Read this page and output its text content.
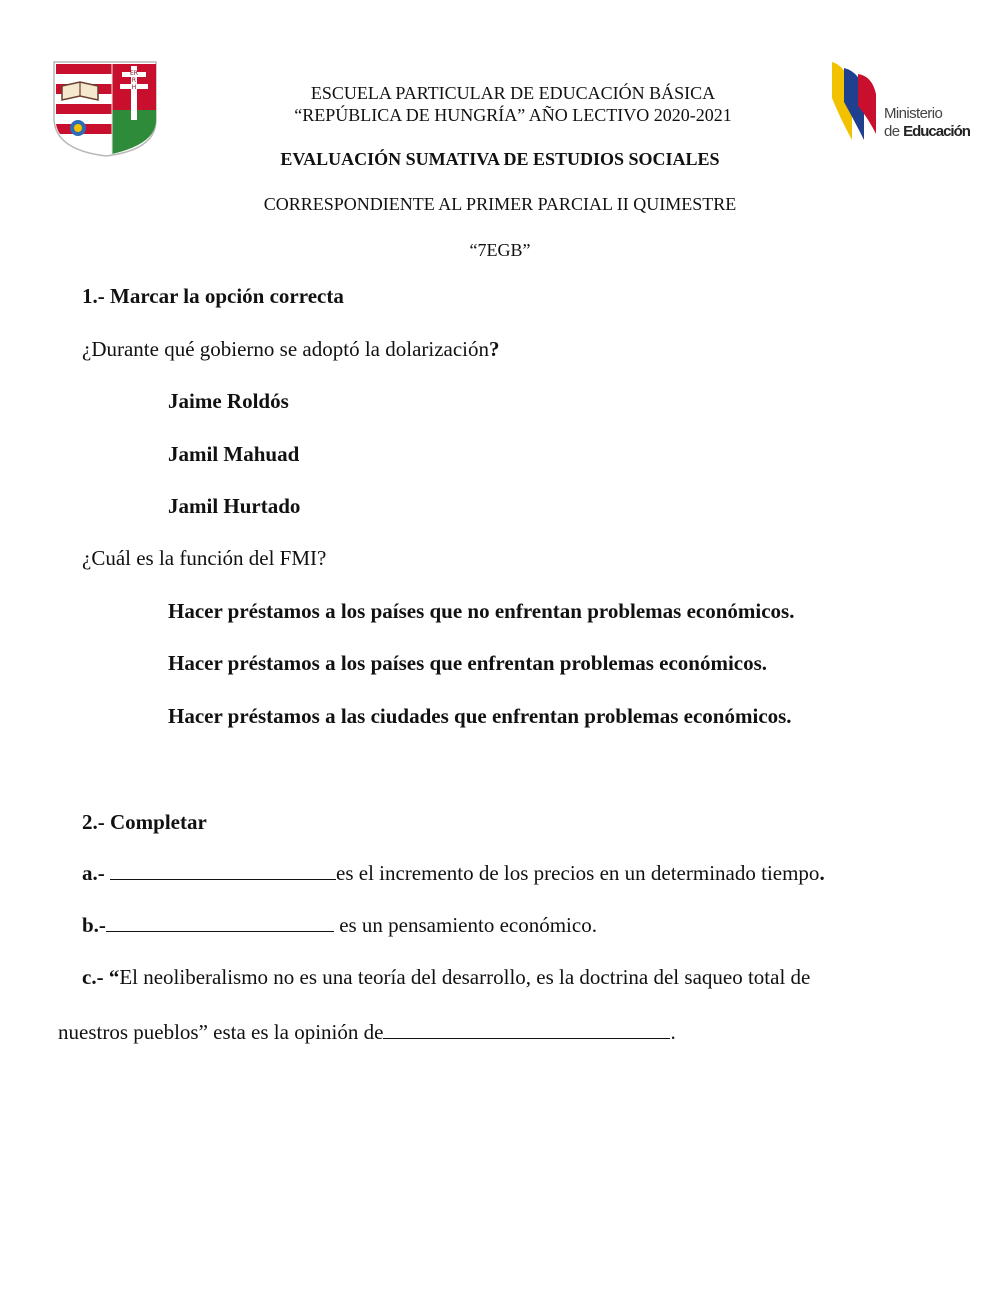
ERRH
Ministerio
de Educación
ESCUELA PARTICULAR DE EDUCACIÓN BÁSICA
“REPÚBLICA DE HUNGRÍA” AÑO LECTIVO 2020-2021
EVALUACIÓN SUMATIVA DE ESTUDIOS SOCIALES
CORRESPONDIENTE AL PRIMER PARCIAL II QUIMESTRE
“7EGB”
1.- Marcar la opción correcta
¿Durante qué gobierno se adoptó la dolarización?
Jaime Roldós
Jamil Mahuad
Jamil Hurtado
¿Cuál es la función del FMI?
Hacer préstamos a los países que no enfrentan problemas económicos.
Hacer préstamos a los países que enfrentan problemas económicos.
Hacer préstamos a las ciudades que enfrentan problemas económicos.
2.- Completar
a.-	es el incremento de los precios en un determinado tiempo.
b.-	es un pensamiento económico.
c.- “El neoliberalismo no es una teoría del desarrollo, es la doctrina del saqueo total de
nuestros pueblos” esta es la opinión de	.
